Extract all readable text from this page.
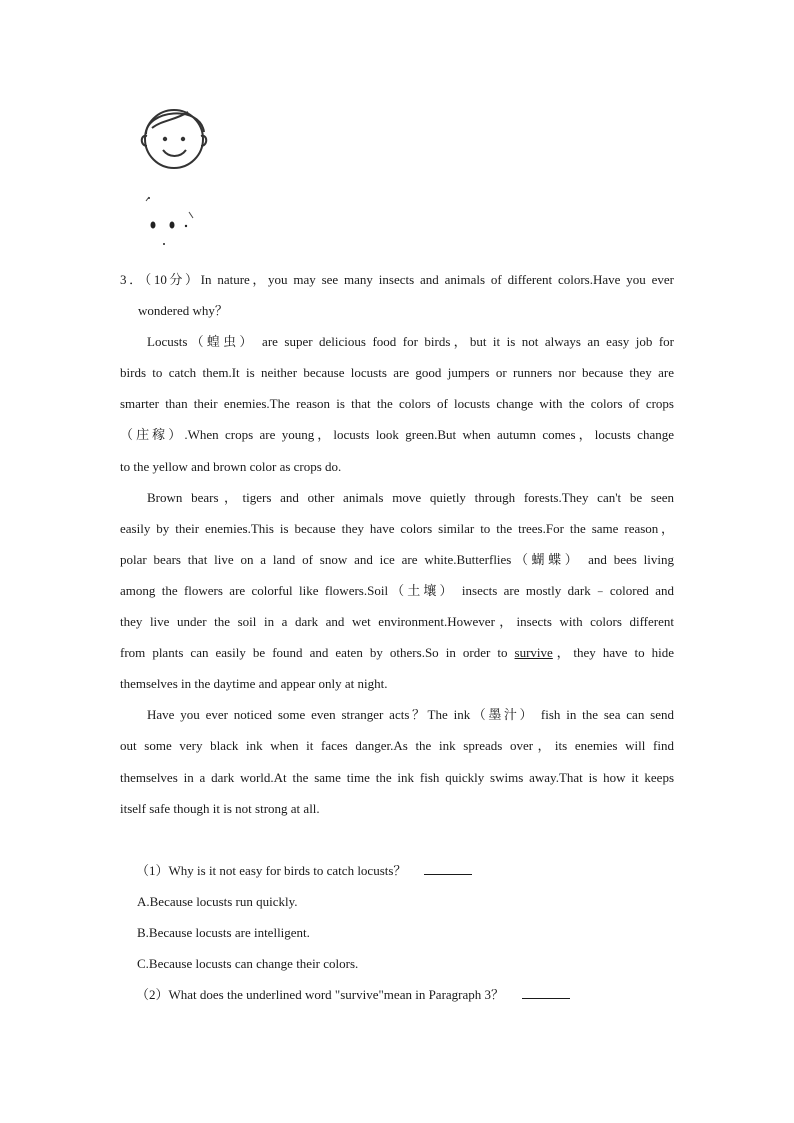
3．（10分）In nature，you may see many insects and animals of different colors.Have you ever
wondered why？
Locusts（蝗虫） are super delicious food for birds，but it is not always an easy job for
birds to catch them.It is neither because locusts are good jumpers or runners nor because they are
smarter than their enemies.The reason is that the colors of locusts change with the colors of crops
（庄稼）.When crops are young，locusts look green.But when autumn comes，locusts change
to the yellow and brown color as crops do.
Brown bears，tigers and other animals move quietly through forests.They can't be seen
easily by their enemies.This is because they have colors similar to the trees.For the same reason，
polar bears that live on a land of snow and ice are white.Butterflies（蝴蝶） and bees living
among the flowers are colorful like flowers.Soil（土壤） insects are mostly dark﹣colored and
they live under the soil in a dark and wet environment.However，insects with colors different
from plants can easily be found and eaten by others.So in order to survive，they have to hide
themselves in the daytime and appear only at night.
Have you ever noticed some even stranger acts？The ink（墨汁） fish in the sea can send
out some very black ink when it faces danger.As the ink spreads over，its enemies will find
themselves in a dark world.At the same time the ink fish quickly swims away.That is how it keeps
itself safe though it is not strong at all.
（1）Why is it not easy for birds to catch locusts？
A.Because locusts run quickly.
B.Because locusts are intelligent.
C.Because locusts can change their colors.
（2）What does the underlined word "survive"mean in Paragraph 3？
